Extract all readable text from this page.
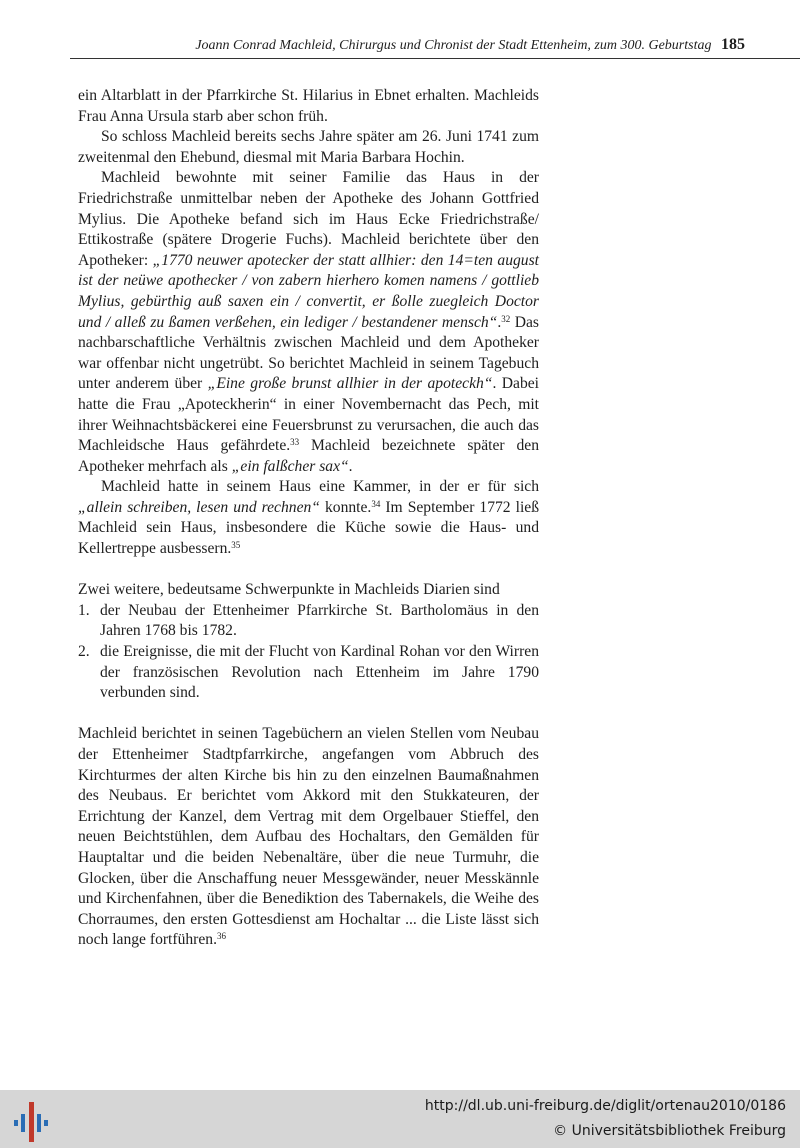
Joann Conrad Machleid, Chirurgus und Chronist der Stadt Ettenheim, zum 300. Geburtstag 185

ein Altarblatt in der Pfarrkirche St. Hilarius in Ebnet erhalten. Machleids Frau Anna Ursula starb aber schon früh.

So schloss Machleid bereits sechs Jahre später am 26. Juni 1741 zum zweitenmal den Ehebund, diesmal mit Maria Barbara Hochin.

Machleid bewohnte mit seiner Familie das Haus in der Friedrichstraße unmittelbar neben der Apotheke des Johann Gottfried Mylius. Die Apotheke befand sich im Haus Ecke Friedrichstraße/ Ettikostraße (spätere Drogerie Fuchs). Machleid berichtete über den Apotheker: „1770 neuwer apotecker der statt allhier: den 14=ten august ist der neüwe apothecker / von zabern hierhero komen namens / gottlieb Mylius, gebürthig auß saxen ein / convertit, er ßolle zuegleich Doctor und / alleß zu ßamen verßehen, ein lediger / bestandener mensch“.$^{32}$ Das nachbarschaftliche Verhältnis zwischen Machleid und dem Apotheker war offenbar nicht ungetrübt. So berichtet Machleid in seinem Tagebuch unter anderem über „Eine große brunst allhier in der apoteckh“. Dabei hatte die Frau „Apoteckherin“ in einer Novembernacht das Pech, mit ihrer Weihnachtsbäckerei eine Feuersbrunst zu verursachen, die auch das Machleidsche Haus gefährdete.$^{33}$ Machleid bezeichnete später den Apotheker mehrfach als „ein falßcher sax“.

Machleid hatte in seinem Haus eine Kammer, in der er für sich „allein schreiben, lesen und rechnen“ konnte.$^{34}$ Im September 1772 ließ Machleid sein Haus, insbesondere die Küche sowie die Haus- und Kellertreppe ausbessern.$^{35}$

Zwei weitere, bedeutsame Schwerpunkte in Machleids Diarien sind

1. der Neubau der Ettenheimer Pfarrkirche St. Bartholomäus in den Jahren 1768 bis 1782.
2. die Ereignisse, die mit der Flucht von Kardinal Rohan vor den Wirren der französischen Revolution nach Ettenheim im Jahre 1790 verbunden sind.

Machleid berichtet in seinen Tagebüchern an vielen Stellen vom Neubau der Ettenheimer Stadtpfarrkirche, angefangen vom Abbruch des Kirchturmes der alten Kirche bis hin zu den einzelnen Baumaßnahmen des Neubaus. Er berichtet vom Akkord mit den Stukkateuren, der Errichtung der Kanzel, dem Vertrag mit dem Orgelbauer Stieffel, den neuen Beichtstühlen, dem Aufbau des Hochaltars, den Gemälden für Hauptaltar und die beiden Nebenaltäre, über die neue Turmuhr, die Glocken, über die Anschaffung neuer Messgewänder, neuer Messkännle und Kirchenfahnen, über die Benediktion des Tabernakels, die Weihe des Chorraumes, den ersten Gottesdienst am Hochaltar ... die Liste lässt sich noch lange fortführen.$^{36}$

http://dl.ub.uni-freiburg.de/diglit/ortenau2010/0186
© Universitätsbibliothek Freiburg
